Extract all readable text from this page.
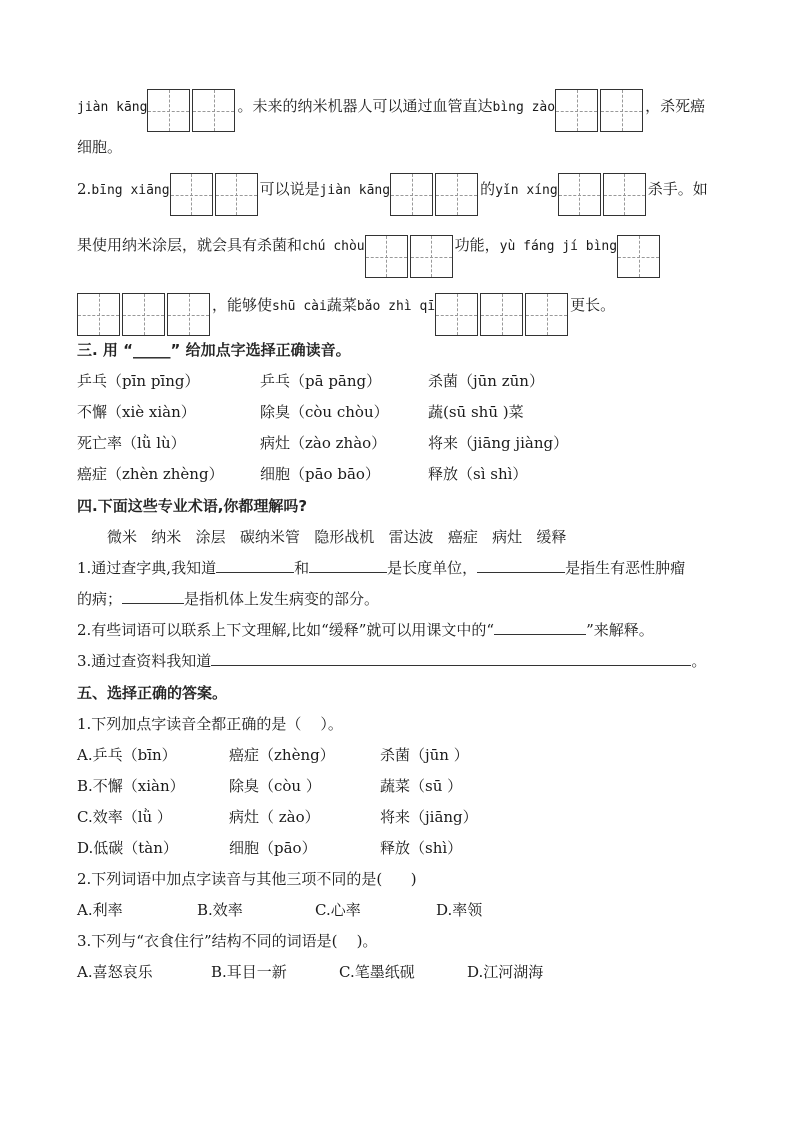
jiàn kāng	。未来的纳米机器人可以通过血管直达bìng zào	，杀死癌
细胞。
2.bīng xiāng	可以说是jiàn kāng	的yǐn xíng	杀手。如
果使用纳米涂层，就会具有杀菌和chú chòu	功能，yù fáng jí bìng
，能够使shū cài蔬菜bǎo zhì qī	更长。
三. 用 “_____” 给加点字选择正确读音。
乒乓（pīn pīng）	乒乓（pā pāng）	杀菌（jūn zūn）
不懈（xiè xiàn）	除臭（còu chòu）	蔬(sū shū )菜
死亡率（lǜ lù）	病灶（zào zhào）	将来（jiāng jiàng）
癌症（zhèn zhèng）	细胞（pāo bāo）	释放（sì shì）
四.下面这些专业术语,你都理解吗?
微米   纳米   涂层   碳纳米管   隐形战机   雷达波   癌症   病灶   缓释
1.通过查字典,我知道	和	是长度单位，	是指生有恶性肿瘤
的病；	是指机体上发生病变的部分。
2.有些词语可以联系上下文理解,比如“缓释”就可以用课文中的“	”来解释。
3.通过查资料我知道	。
五、选择正确的答案。
1.下列加点字读音全都正确的是（    ）。
A.乒乓（bīn）	癌症（zhèng）	杀菌（jūn ）
B.不懈（xiàn）	除臭（còu ）	蔬菜（sū ）
C.效率（lǜ ）	病灶（ zào）	将来（jiāng）
D.低碳（tàn）	细胞（pāo）	释放（shì）
2.下列词语中加点字读音与其他三项不同的是(      )
A.利率	B.效率	C.心率	D.率领
3.下列与“衣食住行”结构不同的词语是(    )。
A.喜怒哀乐	B.耳目一新	C.笔墨纸砚	D.江河湖海
